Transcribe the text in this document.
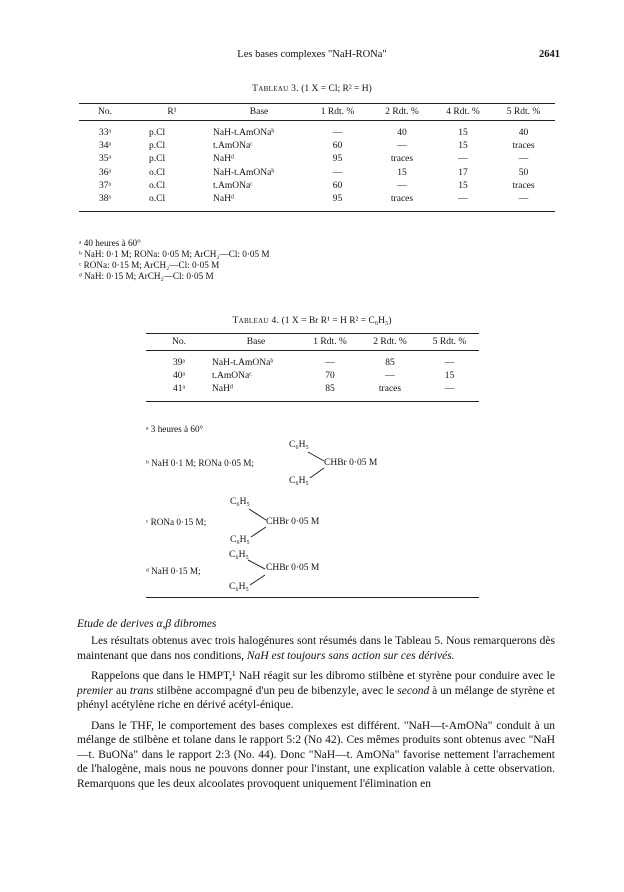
Les bases complexes "NaH-RONa"	2641
Tableau 3. (1 X = Cl; R² = H)
No.	R¹	Base	1 Rdt. %	2 Rdt. %	4 Rdt. %	5 Rdt. %
33ᵃ	p.Cl	NaH-t.AmONaᵇ	—	40	15	40
34ᵃ	p.Cl	t.AmONaᶜ	60	—	15	traces
35ᵃ	p.Cl	NaHᵈ	95	traces	—	—
36ᵃ	o.Cl	NaH-t.AmONaᵇ	—	15	17	50
37ᵃ	o.Cl	t.AmONaᶜ	60	—	15	traces
38ᵃ	o.Cl	NaHᵈ	95	traces	—	—
ᵃ 40 heures à 60°
ᵇ NaH: 0·1 M; RONa: 0·05 M; ArCH₂—Cl: 0·05 M
ᶜ RONa: 0·15 M; ArCH₂—Cl: 0·05 M
ᵈ NaH: 0·15 M; ArCH₂—Cl: 0·05 M
Tableau 4. (1 X = Br R¹ = H R² = C₆H₅)
No.	Base	1 Rdt. %	2 Rdt. %	5 Rdt. %
39ᵃ	NaH-t.AmONaᵇ	—	85	—
40ᵃ	t.AmONaᶜ	70	—	15
41ᵃ	NaHᵈ	85	traces	—
ᵃ 3 heures à 60°
C₆H₅
ᵇ NaH 0·1 M; RONa 0·05 M;	CHBr 0·05 M
C₆H₅
C₆H₅
ᶜ RONa 0·15 M;	CHBr 0·05 M
C₆H₅
C₆H₅
ᵈ NaH 0·15 M;	CHBr 0·05 M
C₆H₅
Etude de derives α,β dibromes

Les résultats obtenus avec trois halogénures sont résumés dans le Tableau 5. Nous remarquerons dès maintenant que dans nos conditions, NaH est toujours sans action sur ces dérivés.

Rappelons que dans le HMPT,¹ NaH réagit sur les dibromo stilbène et styrène pour conduire avec le premier au trans stilbène accompagné d'un peu de bibenzyle, avec le second à un mélange de styrène et phényl acétylène riche en dérivé acétyl-énique.

Dans le THF, le comportement des bases complexes est différent. "NaH—t-AmONa" conduit à un mélange de stilbène et tolane dans le rapport 5:2 (No 42). Ces mêmes produits sont obtenus avec "NaH—t. BuONa" dans le rapport 2:3 (No. 44). Donc "NaH—t. AmONa" favorise nettement l'arrachement de l'halogène, mais nous ne pouvons donner pour l'instant, une explication valable à cette observation. Remarquons que les deux alcoolates provoquent uniquement l'élimination en
